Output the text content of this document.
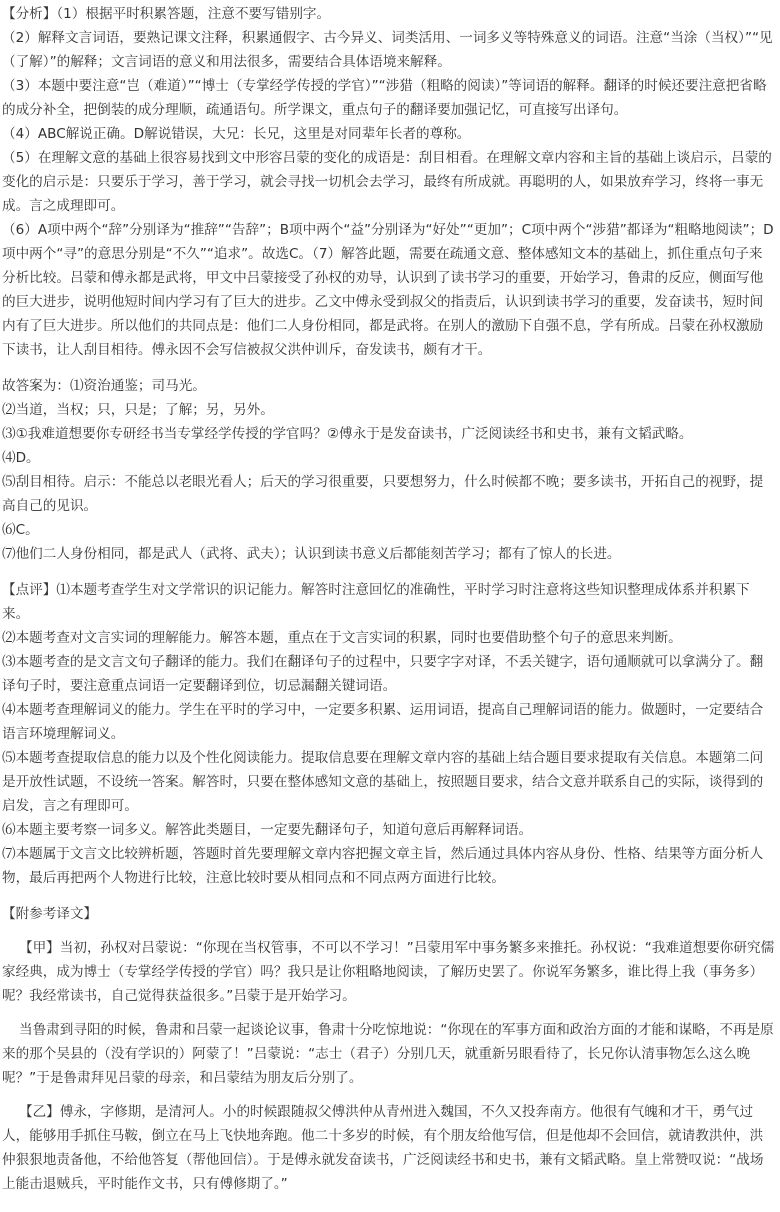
【分析】（1）根据平时积累答题，注意不要写错别字。

（2）解释文言词语，要熟记课文注释，积累通假字、古今异义、词类活用、一词多义等特殊意义的词语。注意“当涂（当权）”“见（了解）”的解释；文言词语的意义和用法很多，需要结合具体语境来解释。

（3）本题中要注意“岂（难道）”“博士（专掌经学传授的学官）”“涉猎（粗略的阅读）”等词语的解释。翻译的时候还要注意把省略的成分补全，把倒装的成分理顺，疏通语句。所学课文，重点句子的翻译要加强记忆，可直接写出译句。

（4）ABC解说正确。D解说错误，大兄：长兄，这里是对同辈年长者的尊称。

（5）在理解文意的基础上很容易找到文中形容吕蒙的变化的成语是：刮目相看。在理解文章内容和主旨的基础上谈启示，吕蒙的变化的启示是：只要乐于学习，善于学习，就会寻找一切机会去学习，最终有所成就。再聪明的人，如果放弃学习，终将一事无成。言之成理即可。

（6）A项中两个“辞”分别译为“推辞”“告辞”；B项中两个“益”分别译为“好处”“更加”；C项中两个“涉猎”都译为“粗略地阅读”；D项中两个“寻”的意思分别是“不久”“追求”。故选C。（7）解答此题，需要在疏通文意、整体感知文本的基础上，抓住重点句子来分析比较。吕蒙和傅永都是武将，甲文中吕蒙接受了孙权的劝导，认识到了读书学习的重要，开始学习，鲁肃的反应，侧面写他的巨大进步，说明他短时间内学习有了巨大的进步。乙文中傅永受到叔父的指责后，认识到读书学习的重要，发奋读书，短时间内有了巨大进步。所以他们的共同点是：他们二人身份相同，都是武将。在别人的激励下自强不息，学有所成。吕蒙在孙权激励下读书，让人刮目相待。傅永因不会写信被叔父洪仲训斥，奋发读书，颇有才干。

故答案为：⑴资治通鉴；司马光。

⑵当道，当权；只，只是；了解；另，另外。

⑶①我难道想要你专研经书当专掌经学传授的学官吗？②傅永于是发奋读书，广泛阅读经书和史书，兼有文韬武略。

⑷D。

⑸刮目相待。启示：不能总以老眼光看人；后天的学习很重要，只要想努力，什么时候都不晚；要多读书，开拓自己的视野，提高自己的见识。

⑹C。

⑺他们二人身份相同，都是武人（武将、武夫）；认识到读书意义后都能刻苦学习；都有了惊人的长进。

【点评】⑴本题考查学生对文学常识的识记能力。解答时注意回忆的准确性，平时学习时注意将这些知识整理成体系并积累下来。

⑵本题考查对文言实词的理解能力。解答本题，重点在于文言实词的积累，同时也要借助整个句子的意思来判断。

⑶本题考查的是文言文句子翻译的能力。我们在翻译句子的过程中，只要字字对译，不丢关键字，语句通顺就可以拿满分了。翻译句子时，要注意重点词语一定要翻译到位，切忌漏翻关键词语。

⑷本题考查理解词义的能力。学生在平时的学习中，一定要多积累、运用词语，提高自己理解词语的能力。做题时，一定要结合语言环境理解词义。

⑸本题考查提取信息的能力以及个性化阅读能力。提取信息要在理解文章内容的基础上结合题目要求提取有关信息。本题第二问是开放性试题，不设统一答案。解答时，只要在整体感知文意的基础上，按照题目要求，结合文意并联系自己的实际，谈得到的启发，言之有理即可。

⑹本题主要考察一词多义。解答此类题目，一定要先翻译句子，知道句意后再解释词语。

⑺本题属于文言文比较辨析题，答题时首先要理解文章内容把握文章主旨，然后通过具体内容从身份、性格、结果等方面分析人物，最后再把两个人物进行比较，注意比较时要从相同点和不同点两方面进行比较。

【附参考译文】

【甲】当初，孙权对吕蒙说：“你现在当权管事，不可以不学习！”吕蒙用军中事务繁多来推托。孙权说：“我难道想要你研究儒家经典，成为博士（专掌经学传授的学官）吗？我只是让你粗略地阅读，了解历史罢了。你说军务繁多，谁比得上我（事务多）呢？我经常读书，自己觉得获益很多。”吕蒙于是开始学习。

当鲁肃到寻阳的时候，鲁肃和吕蒙一起谈论议事，鲁肃十分吃惊地说：“你现在的军事方面和政治方面的才能和谋略，不再是原来的那个吴县的（没有学识的）阿蒙了！”吕蒙说：“志士（君子）分别几天，就重新另眼看待了，长兄你认清事物怎么这么晚呢？”于是鲁肃拜见吕蒙的母亲，和吕蒙结为朋友后分别了。

【乙】傅永，字修期，是清河人。小的时候跟随叔父傅洪仲从青州进入魏国，不久又投奔南方。他很有气魄和才干，勇气过人，能够用手抓住马鞍，倒立在马上飞快地奔跑。他二十多岁的时候，有个朋友给他写信，但是他却不会回信，就请教洪仲，洪仲狠狠地责备他，不给他答复（帮他回信）。于是傅永就发奋读书，广泛阅读经书和史书，兼有文韬武略。皇上常赞叹说：“战场上能击退贼兵，平时能作文书，只有傅修期了。”
